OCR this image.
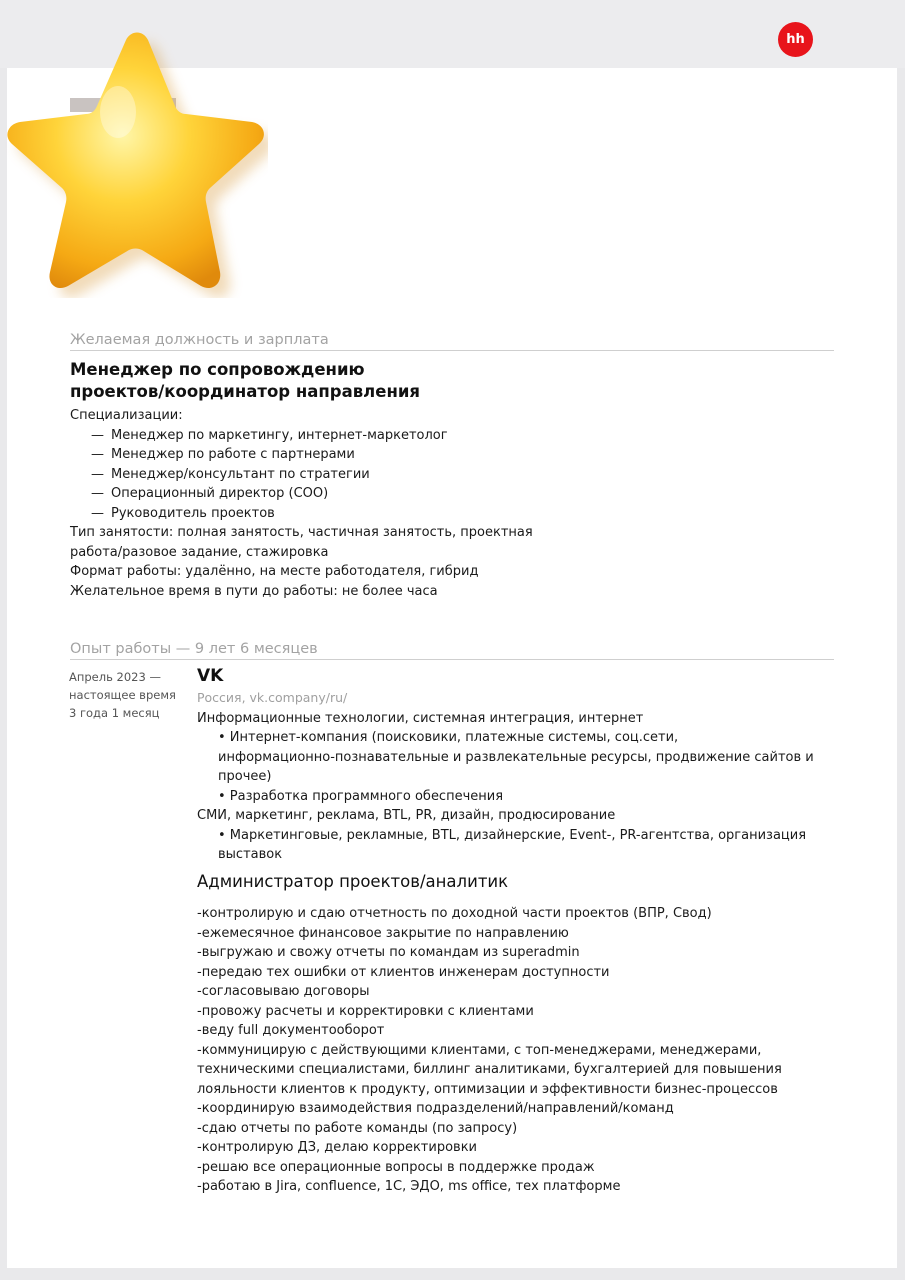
hh
Желаемая должность и зарплата
Менеджер по сопровождению
проектов/координатор направления
Специализации:
— Менеджер по маркетингу, интернет-маркетолог
— Менеджер по работе с партнерами
— Менеджер/консультант по стратегии
— Операционный директор (COO)
— Руководитель проектов
Тип занятости: полная занятость, частичная занятость, проектная
работа/разовое задание, стажировка
Формат работы: удалённо, на месте работодателя, гибрид
Желательное время в пути до работы: не более часа
Опыт работы — 9 лет 6 месяцев
Апрель 2023 —
настоящее время
3 года 1 месяц
VK
Россия, vk.company/ru/
Информационные технологии, системная интеграция, интернет
• Интернет-компания (поисковики, платежные системы, соц.сети,
информационно-познавательные и развлекательные ресурсы, продвижение сайтов и
прочее)
• Разработка программного обеспечения
СМИ, маркетинг, реклама, BTL, PR, дизайн, продюсирование
• Маркетинговые, рекламные, BTL, дизайнерские, Event-, PR-агентства, организация
выставок
Администратор проектов/аналитик
-контролирую и сдаю отчетность по доходной части проектов (ВПР, Свод)
-ежемесячное финансовое закрытие по направлению
-выгружаю и свожу отчеты по командам из superadmin
-передаю тех ошибки от клиентов инженерам доступности
-согласовываю договоры
-провожу расчеты и корректировки с клиентами
-веду full документооборот
-коммуницирую с действующими клиентами, с топ-менеджерами, менеджерами,
техническими специалистами, биллинг аналитиками, бухгалтерией для повышения
лояльности клиентов к продукту, оптимизации и эффективности бизнес-процессов
-координирую взаимодействия подразделений/направлений/команд
-сдаю отчеты по работе команды (по запросу)
-контролирую ДЗ, делаю корректировки
-решаю все операционные вопросы в поддержке продаж
-работаю в Jira, confluence, 1С, ЭДО, ms office, тех платформе
